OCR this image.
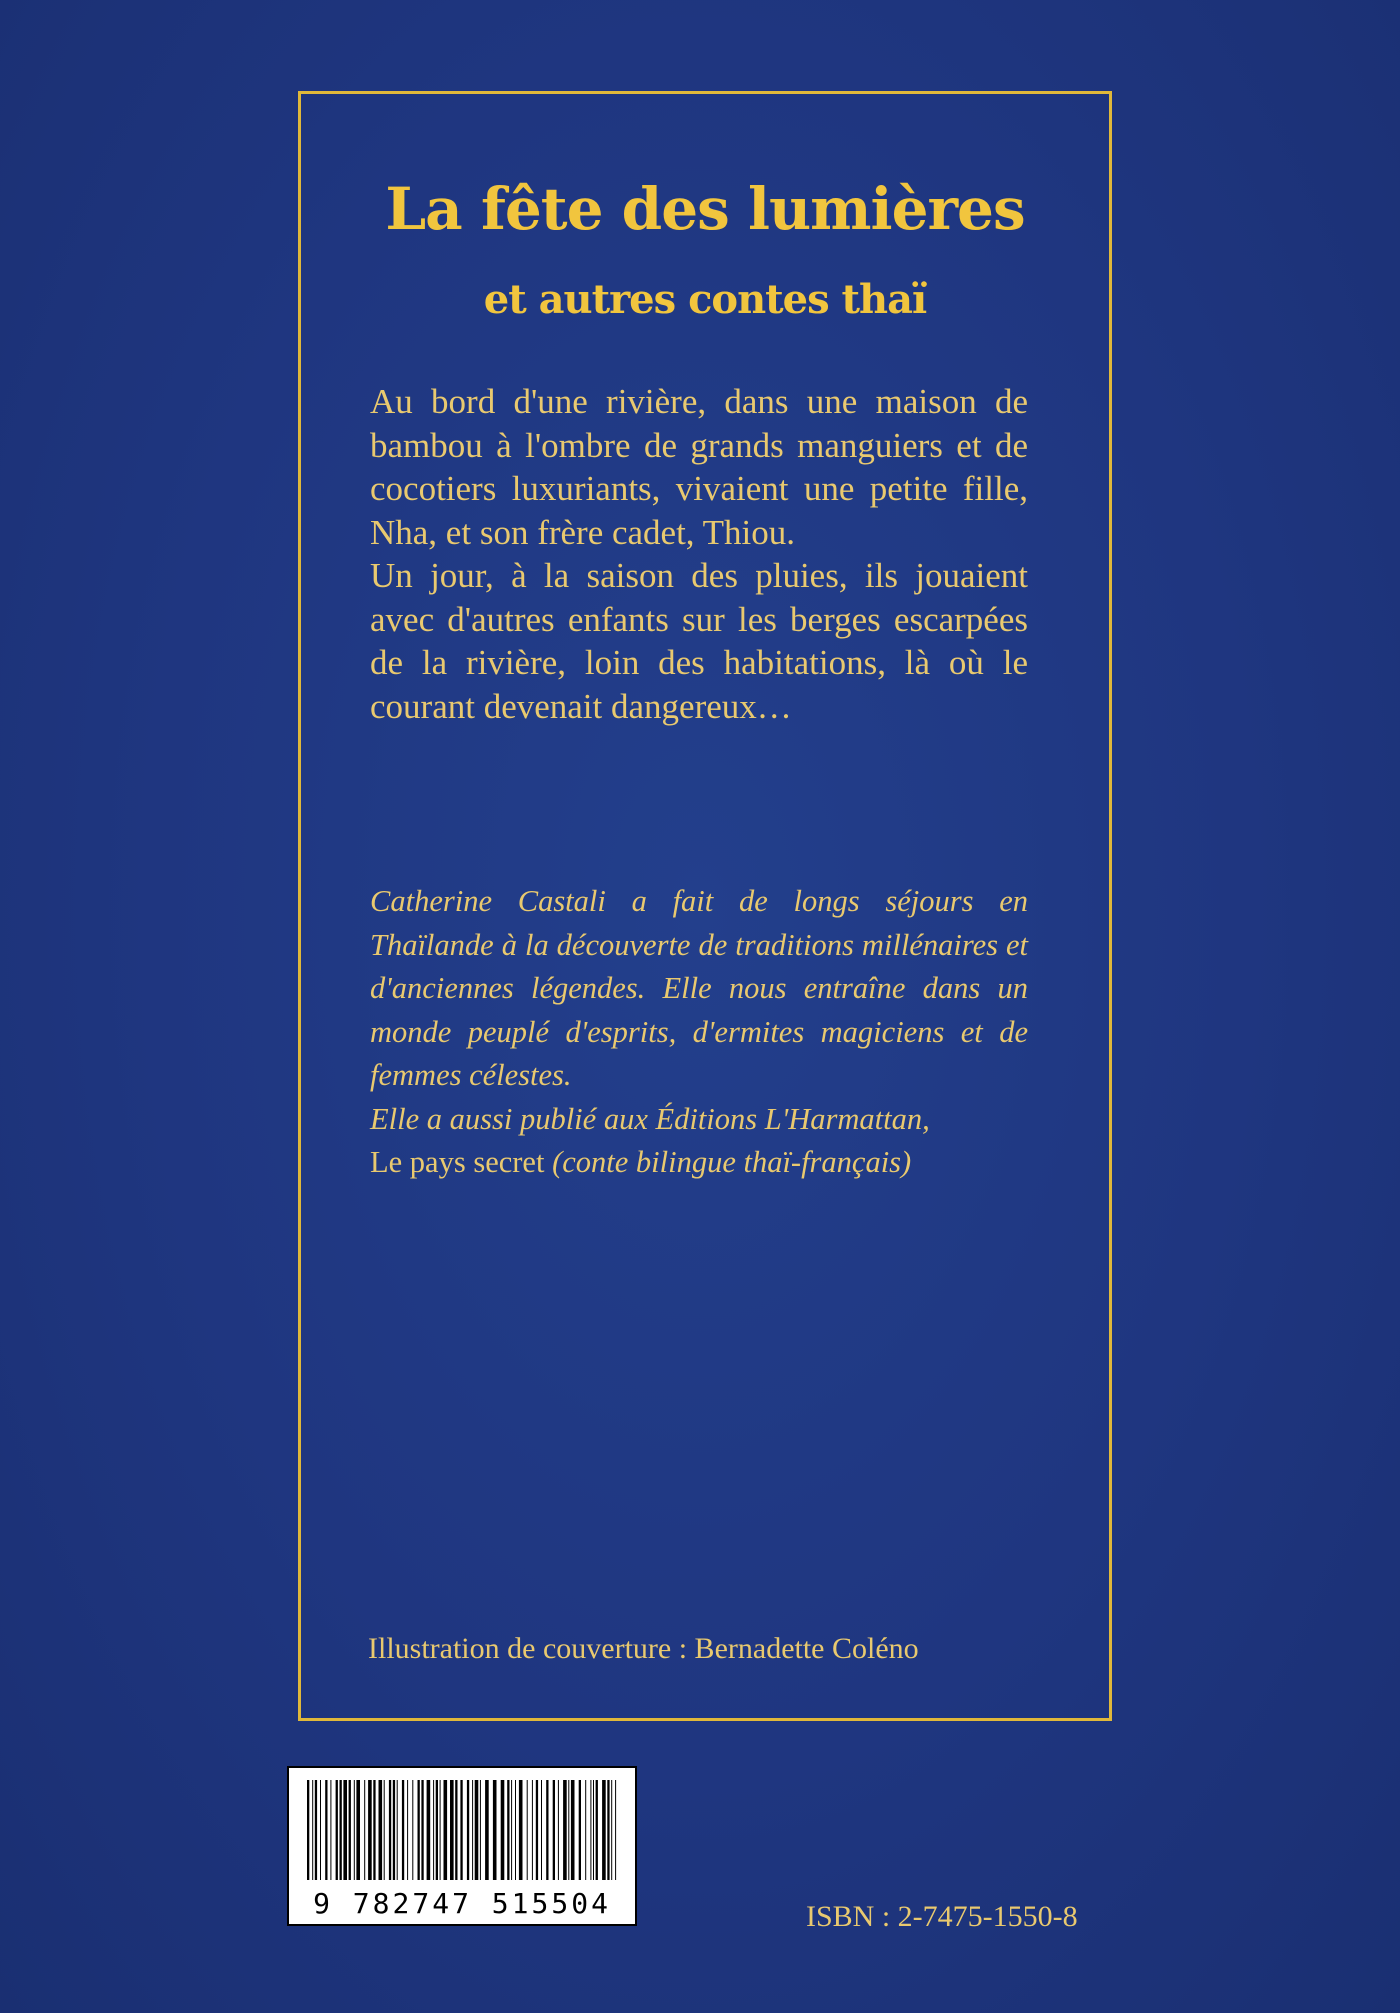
La fête des lumières
et autres contes thaï

Au bord d'une rivière, dans une maison de bambou à l'ombre de grands manguiers et de cocotiers luxuriants, vivaient une petite fille, Nha, et son frère cadet, Thiou.

Un jour, à la saison des pluies, ils jouaient avec d'autres enfants sur les berges escarpées de la rivière, loin des habitations, là où le courant devenait dangereux…

Catherine Castali a fait de longs séjours en Thaïlande à la découverte de traditions millénaires et d'anciennes légendes. Elle nous entraîne dans un monde peuplé d'esprits, d'ermites magiciens et de femmes célestes.

Elle a aussi publié aux Éditions L'Harmattan,

Le pays secret (conte bilingue thaï-français)

Illustration de couverture : Bernadette Coléno
9 782747 515504	ISBN : 2-7475-1550-8
